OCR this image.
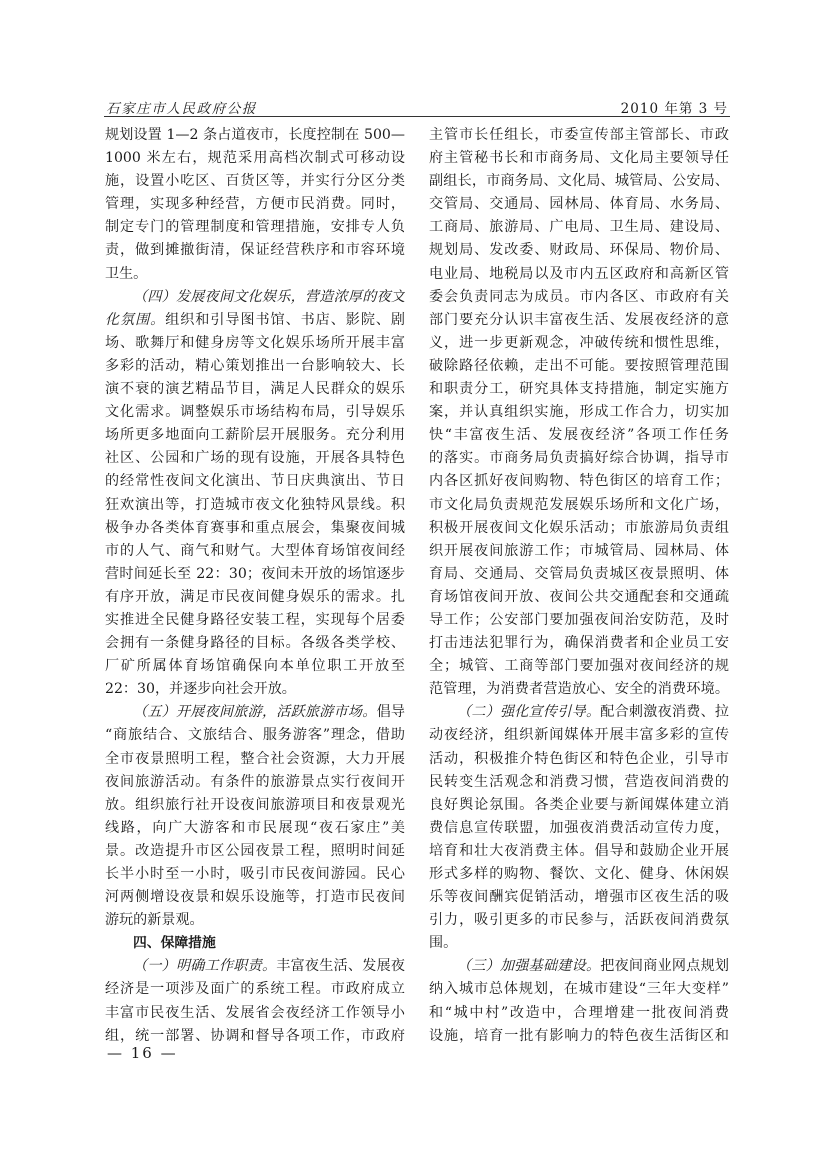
石家庄市人民政府公报	2010 年第 3 号
规划设置 1—2 条占道夜市，长度控制在 500—
1000 米左右，规范采用高档次制式可移动设
施，设置小吃区、百货区等，并实行分区分类
管理，实现多种经营，方便市民消费。同时，
制定专门的管理制度和管理措施，安排专人负
责，做到摊撤街清，保证经营秩序和市容环境
卫生。
（四）发展夜间文化娱乐，营造浓厚的夜文
化氛围。组织和引导图书馆、书店、影院、剧
场、歌舞厅和健身房等文化娱乐场所开展丰富
多彩的活动，精心策划推出一台影响较大、长
演不衰的演艺精品节目，满足人民群众的娱乐
文化需求。调整娱乐市场结构布局，引导娱乐
场所更多地面向工薪阶层开展服务。充分利用
社区、公园和广场的现有设施，开展各具特色
的经常性夜间文化演出、节日庆典演出、节日
狂欢演出等，打造城市夜文化独特风景线。积
极争办各类体育赛事和重点展会，集聚夜间城
市的人气、商气和财气。大型体育场馆夜间经
营时间延长至 22：30；夜间未开放的场馆逐步
有序开放，满足市民夜间健身娱乐的需求。扎
实推进全民健身路径安装工程，实现每个居委
会拥有一条健身路径的目标。各级各类学校、
厂矿所属体育场馆确保向本单位职工开放至
22：30，并逐步向社会开放。
（五）开展夜间旅游，活跃旅游市场。倡导
“商旅结合、文旅结合、服务游客”理念，借助
全市夜景照明工程，整合社会资源，大力开展
夜间旅游活动。有条件的旅游景点实行夜间开
放。组织旅行社开设夜间旅游项目和夜景观光
线路，向广大游客和市民展现“夜石家庄”美
景。改造提升市区公园夜景工程，照明时间延
长半小时至一小时，吸引市民夜间游园。民心
河两侧增设夜景和娱乐设施等，打造市民夜间
游玩的新景观。
四、保障措施
（一）明确工作职责。丰富夜生活、发展夜
经济是一项涉及面广的系统工程。市政府成立
丰富市民夜生活、发展省会夜经济工作领导小
组，统一部署、协调和督导各项工作，市政府
主管市长任组长，市委宣传部主管部长、市政
府主管秘书长和市商务局、文化局主要领导任
副组长，市商务局、文化局、城管局、公安局、
交管局、交通局、园林局、体育局、水务局、
工商局、旅游局、广电局、卫生局、建设局、
规划局、发改委、财政局、环保局、物价局、
电业局、地税局以及市内五区政府和高新区管
委会负责同志为成员。市内各区、市政府有关
部门要充分认识丰富夜生活、发展夜经济的意
义，进一步更新观念，冲破传统和惯性思维，
破除路径依赖，走出不可能。要按照管理范围
和职责分工，研究具体支持措施，制定实施方
案，并认真组织实施，形成工作合力，切实加
快“丰富夜生活、发展夜经济”各项工作任务
的落实。市商务局负责搞好综合协调，指导市
内各区抓好夜间购物、特色街区的培育工作；
市文化局负责规范发展娱乐场所和文化广场，
积极开展夜间文化娱乐活动；市旅游局负责组
织开展夜间旅游工作；市城管局、园林局、体
育局、交通局、交管局负责城区夜景照明、体
育场馆夜间开放、夜间公共交通配套和交通疏
导工作；公安部门要加强夜间治安防范，及时
打击违法犯罪行为，确保消费者和企业员工安
全；城管、工商等部门要加强对夜间经济的规
范管理，为消费者营造放心、安全的消费环境。
（二）强化宣传引导。配合刺激夜消费、拉
动夜经济，组织新闻媒体开展丰富多彩的宣传
活动，积极推介特色街区和特色企业，引导市
民转变生活观念和消费习惯，营造夜间消费的
良好舆论氛围。各类企业要与新闻媒体建立消
费信息宣传联盟，加强夜消费活动宣传力度，
培育和壮大夜消费主体。倡导和鼓励企业开展
形式多样的购物、餐饮、文化、健身、休闲娱
乐等夜间酬宾促销活动，增强市区夜生活的吸
引力，吸引更多的市民参与，活跃夜间消费氛
围。
（三）加强基础建设。把夜间商业网点规划
纳入城市总体规划，在城市建设“三年大变样”
和“城中村”改造中，合理增建一批夜间消费
设施，培育一批有影响力的特色夜生活街区和
— 16 —
